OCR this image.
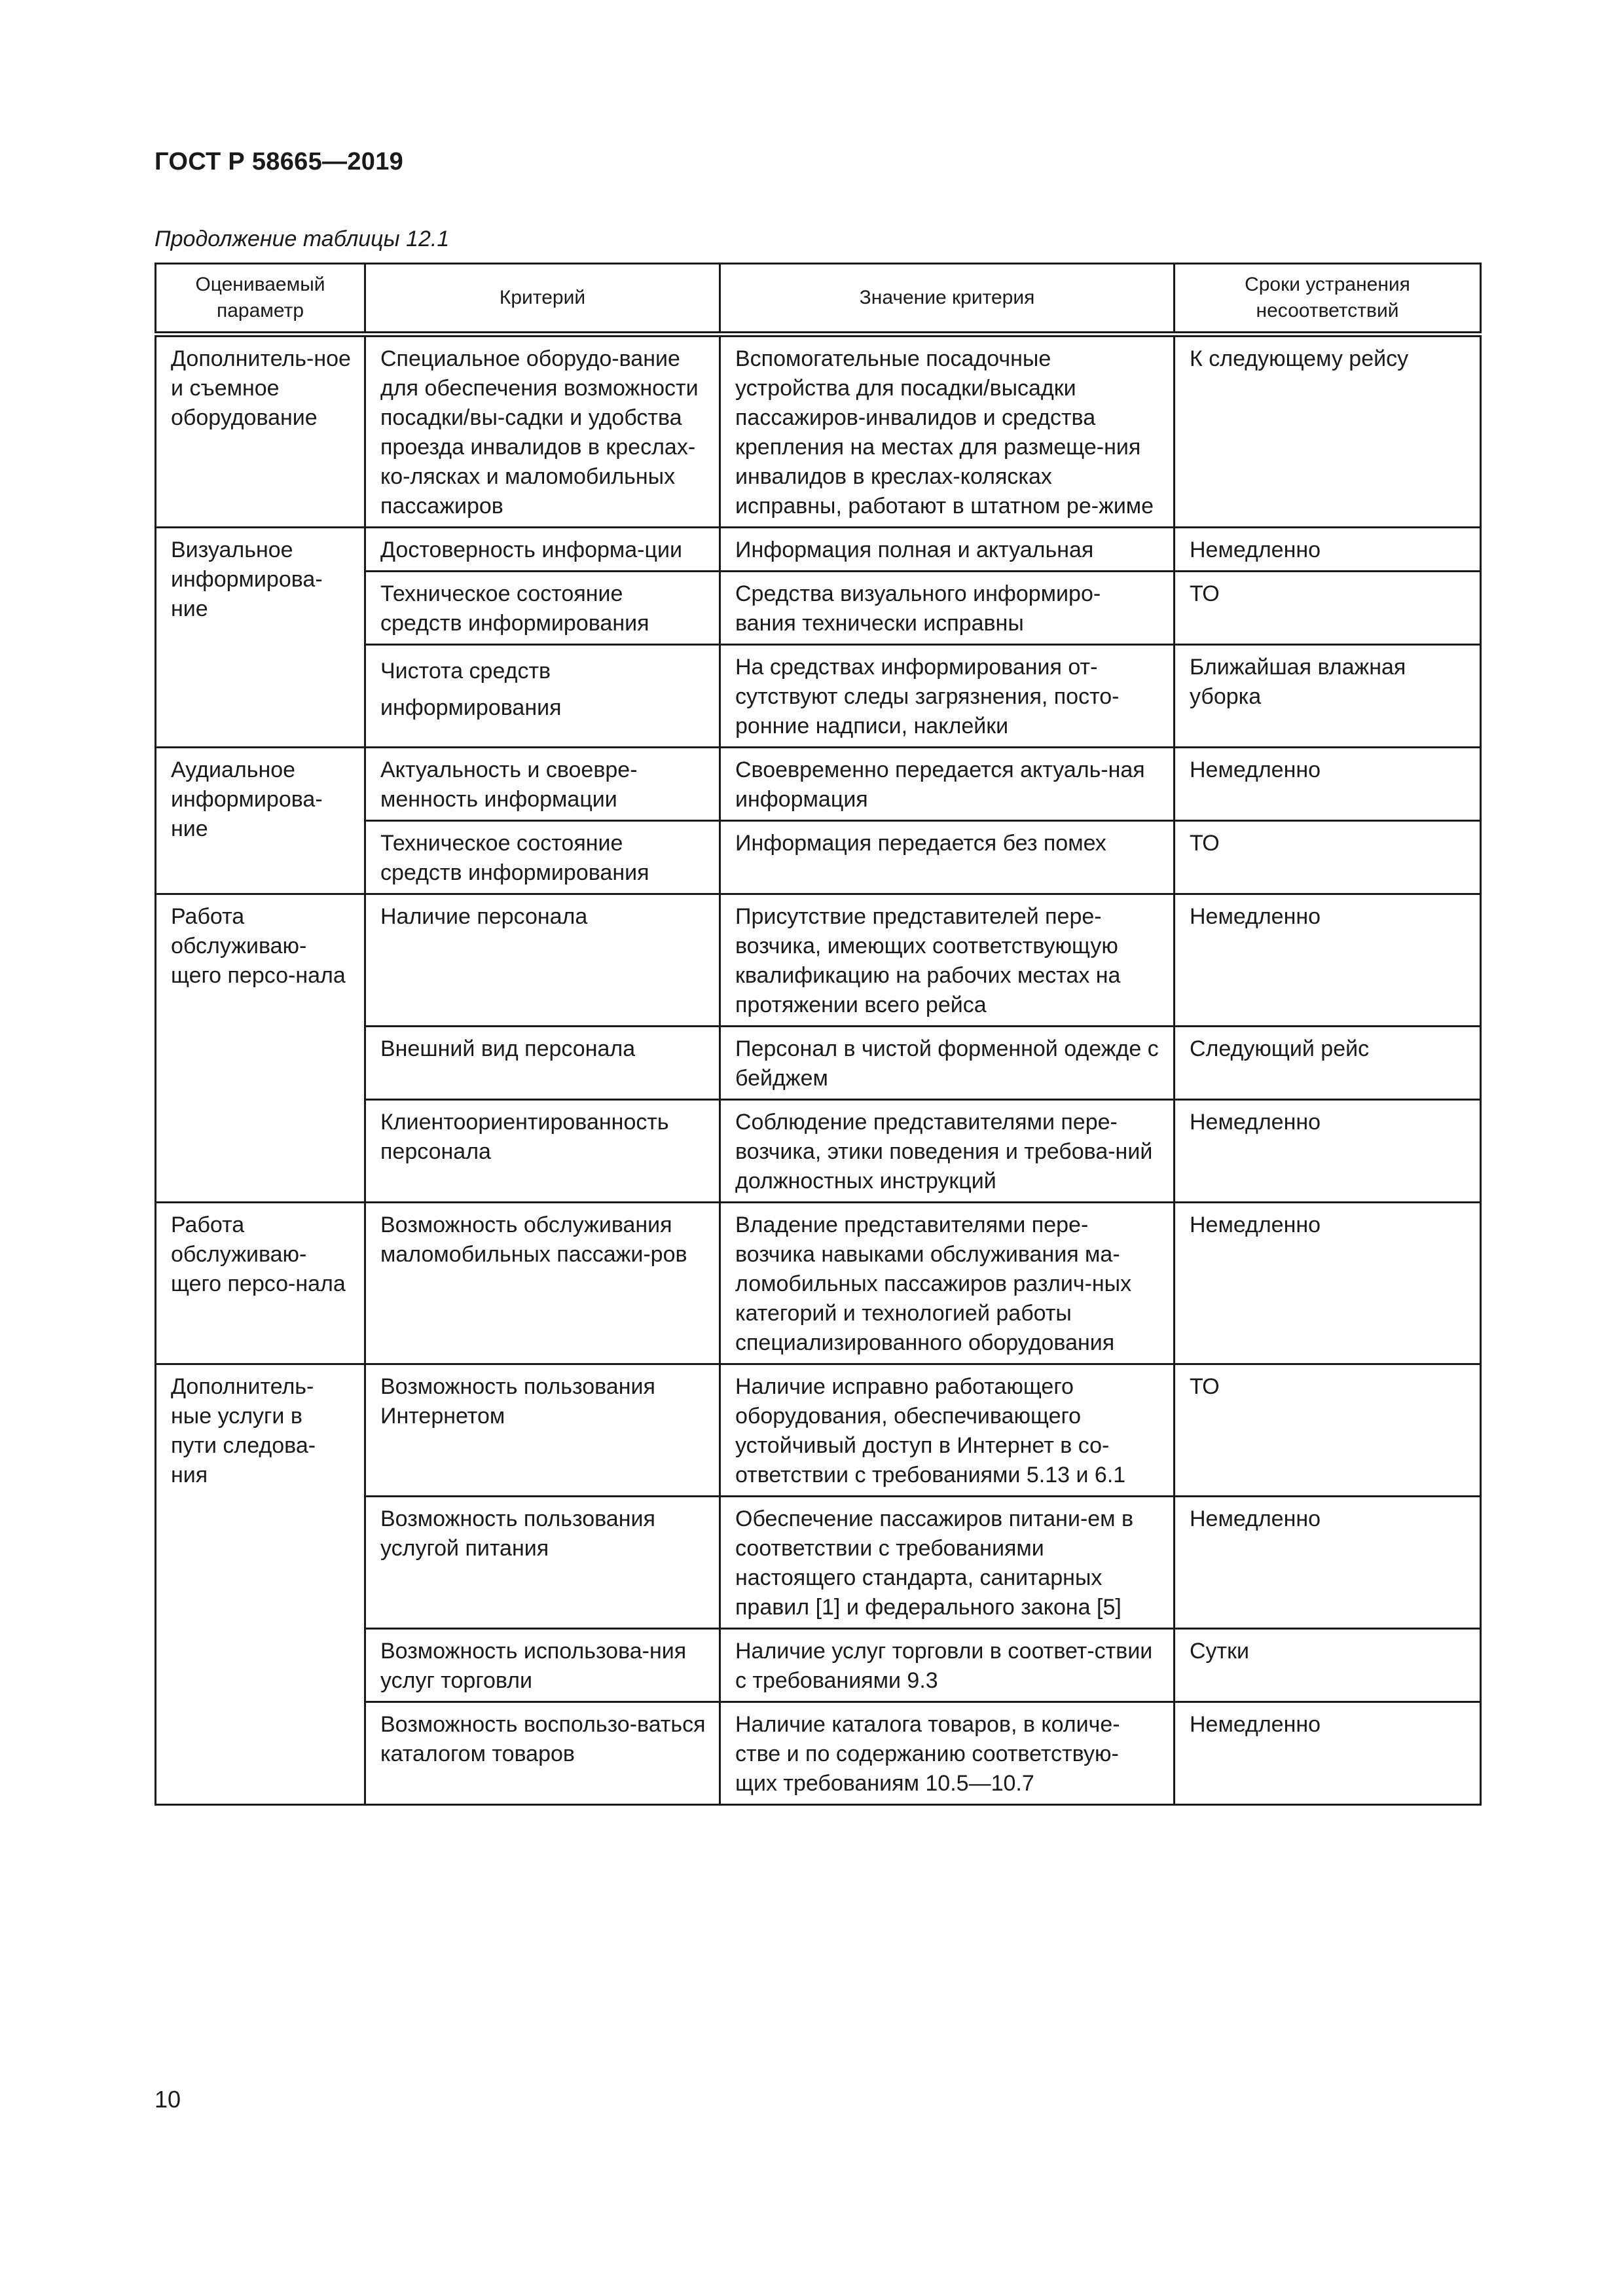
ГОСТ Р 58665—2019
Продолжение таблицы 12.1
Оцениваемый параметр	Критерий	Значение критерия	Сроки устранения несоответствий
Дополнитель-ное и съемное оборудование	Специальное оборудо-вание для обеспечения возможности посадки/вы-садки и удобства проезда инвалидов в креслах-ко-лясках и маломобильных пассажиров	Вспомогательные посадочные устройства для посадки/высадки пассажиров-инвалидов и средства крепления на местах для размеще-ния инвалидов в креслах-колясках исправны, работают в штатном ре-жиме	К следующему рейсу
Визуальное информирова-ние	Достоверность информа-ции	Информация полная и актуальная	Немедленно
	Техническое состояние средств информирования	Средства визуального информиро-вания технически исправны	ТО
	Чистота средств информирования	На средствах информирования от-сутствуют следы загрязнения, посто-ронние надписи, наклейки	Ближайшая влажная уборка
Аудиальное информирова-ние	Актуальность и своевре-менность информации	Своевременно передается актуаль-ная информация	Немедленно
	Техническое состояние средств информирования	Информация передается без помех	ТО
Работа обслуживаю-щего персо-нала	Наличие персонала	Присутствие представителей пере-возчика, имеющих соответствующую квалификацию на рабочих местах на протяжении всего рейса	Немедленно
	Внешний вид персонала	Персонал в чистой форменной одежде с бейджем	Следующий рейс
	Клиентоориентированность персонала	Соблюдение представителями пере-возчика, этики поведения и требова-ний должностных инструкций	Немедленно
Работа обслуживаю-щего персо-нала	Возможность обслуживания маломобильных пассажи-ров	Владение представителями пере-возчика навыками обслуживания ма-ломобильных пассажиров различ-ных категорий и технологией работы специализированного оборудования	Немедленно
Дополнитель-ные услуги в пути следова-ния	Возможность пользования Интернетом	Наличие исправно работающего оборудования, обеспечивающего устойчивый доступ в Интернет в со-ответствии с требованиями 5.13 и 6.1	ТО
	Возможность пользования услугой питания	Обеспечение пассажиров питани-ем в соответствии с требованиями настоящего стандарта, санитарных правил [1] и федерального закона [5]	Немедленно
	Возможность использова-ния услуг торговли	Наличие услуг торговли в соответ-ствии с требованиями 9.3	Сутки
	Возможность воспользо-ваться каталогом товаров	Наличие каталога товаров, в количе-стве и по содержанию соответствую-щих требованиям 10.5—10.7	Немедленно
10
